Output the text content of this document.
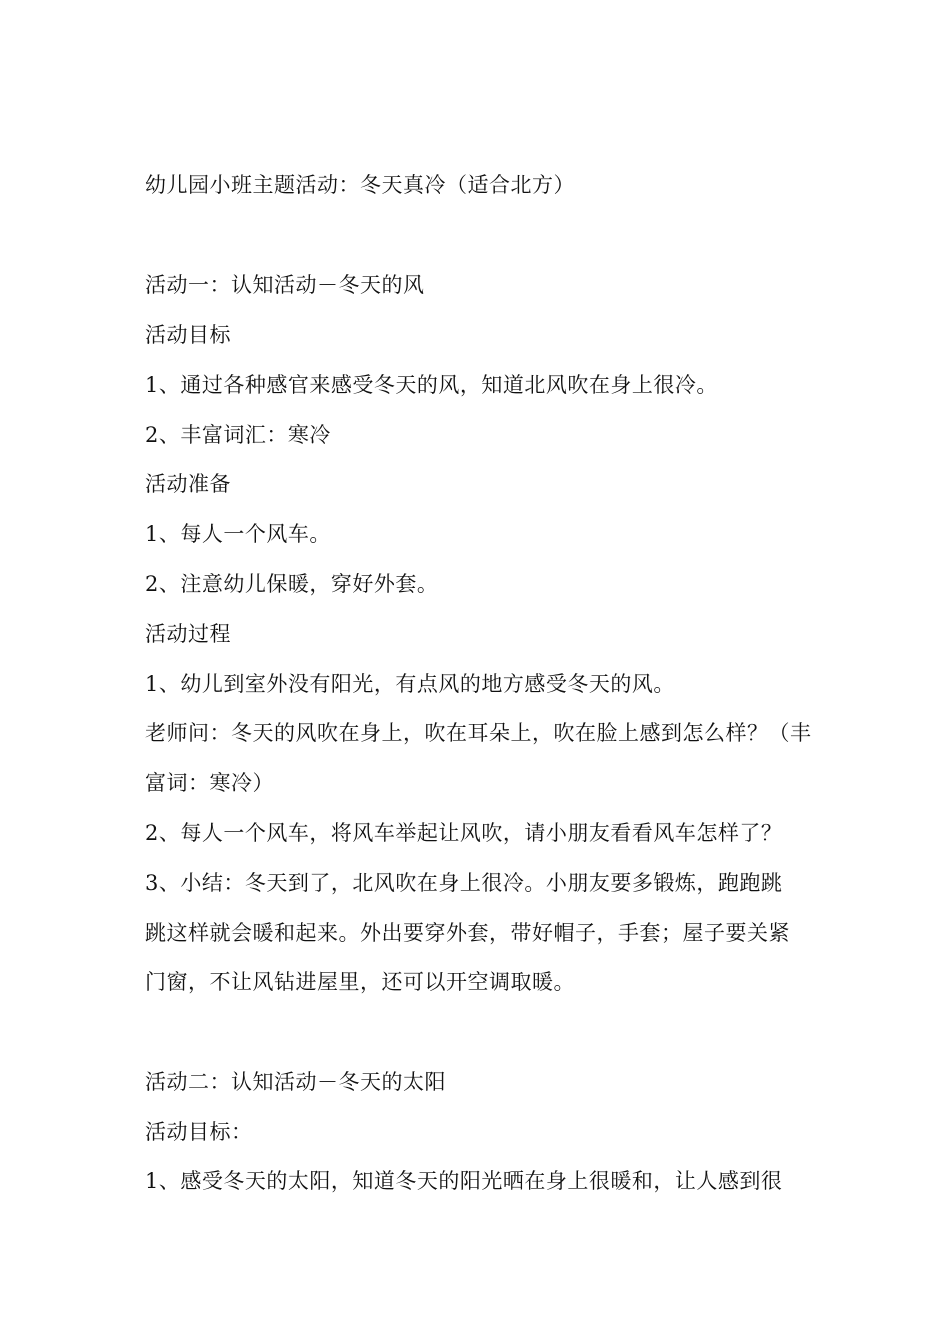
幼儿园小班主题活动：冬天真冷（适合北方）
活动一：认知活动－冬天的风
活动目标
1、通过各种感官来感受冬天的风，知道北风吹在身上很冷。
2、丰富词汇：寒冷
活动准备
1、每人一个风车。
2、注意幼儿保暖，穿好外套。
活动过程
1、幼儿到室外没有阳光，有点风的地方感受冬天的风。
老师问：冬天的风吹在身上，吹在耳朵上，吹在脸上感到怎么样？（丰
富词：寒冷）
2、每人一个风车，将风车举起让风吹，请小朋友看看风车怎样了？
3、小结：冬天到了，北风吹在身上很冷。小朋友要多锻炼，跑跑跳
跳这样就会暖和起来。外出要穿外套，带好帽子，手套；屋子要关紧
门窗，不让风钻进屋里，还可以开空调取暖。
活动二：认知活动－冬天的太阳
活动目标：
1、感受冬天的太阳，知道冬天的阳光晒在身上很暖和，让人感到很
